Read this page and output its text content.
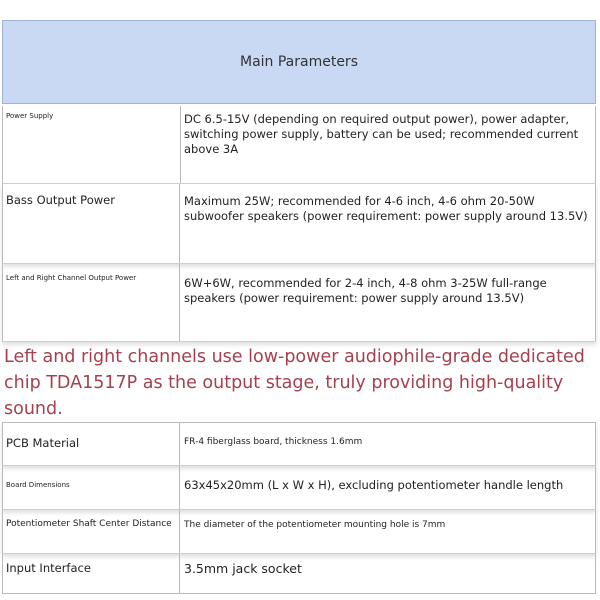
Main Parameters
Power Supply	DC 6.5-15V (depending on required output power), power adapter, switching power supply, battery can be used; recommended current above 3A
Bass Output Power	Maximum 25W; recommended for 4-6 inch, 4-6 ohm 20-50W subwoofer speakers (power requirement: power supply around 13.5V)
Left and Right Channel Output Power	6W+6W, recommended for 2-4 inch, 4-8 ohm 3-25W full-range speakers (power requirement: power supply around 13.5V)
Left and right channels use low-power audiophile-grade dedicated chip TDA1517P as the output stage, truly providing high-quality sound.
PCB Material	FR-4 fiberglass board, thickness 1.6mm
Board Dimensions	63x45x20mm (L x W x H), excluding potentiometer handle length
Potentiometer Shaft Center Distance	The diameter of the potentiometer mounting hole is 7mm
Input Interface	3.5mm jack socket
